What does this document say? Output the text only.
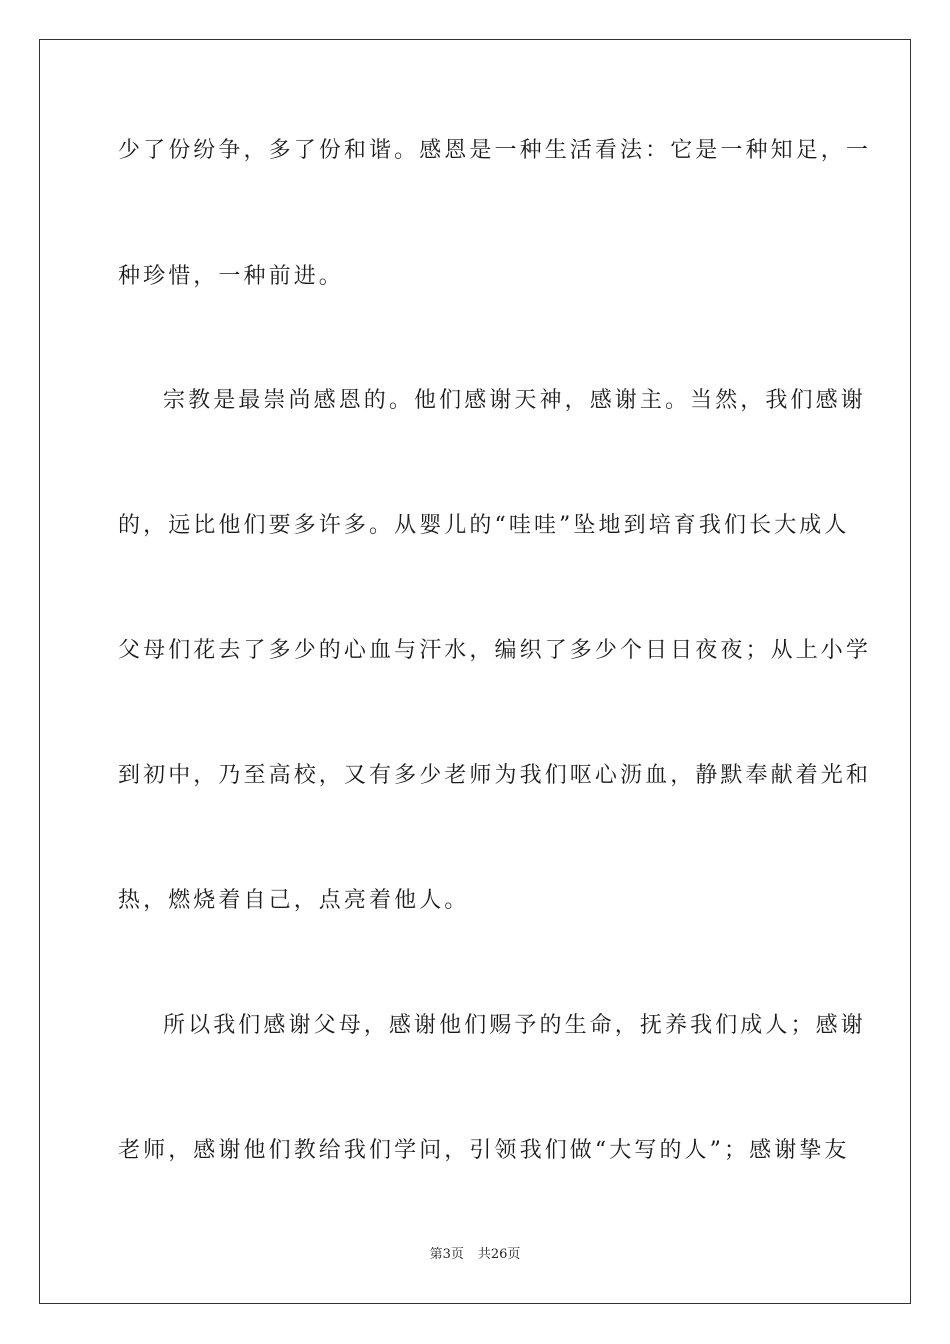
少了份纷争，多了份和谐。感恩是一种生活看法：它是一种知足，一
种珍惜，一种前进。
宗教是最崇尚感恩的。他们感谢天神，感谢主。当然，我们感谢
的，远比他们要多许多。从婴儿的“哇哇”坠地到培育我们长大成人
父母们花去了多少的心血与汗水，编织了多少个日日夜夜；从上小学
到初中，乃至高校，又有多少老师为我们呕心沥血，静默奉献着光和
热，燃烧着自己，点亮着他人。
所以我们感谢父母，感谢他们赐予的生命，抚养我们成人；感谢
老师，感谢他们教给我们学问，引领我们做“大写的人”；感谢挚友
第3页 共26页
